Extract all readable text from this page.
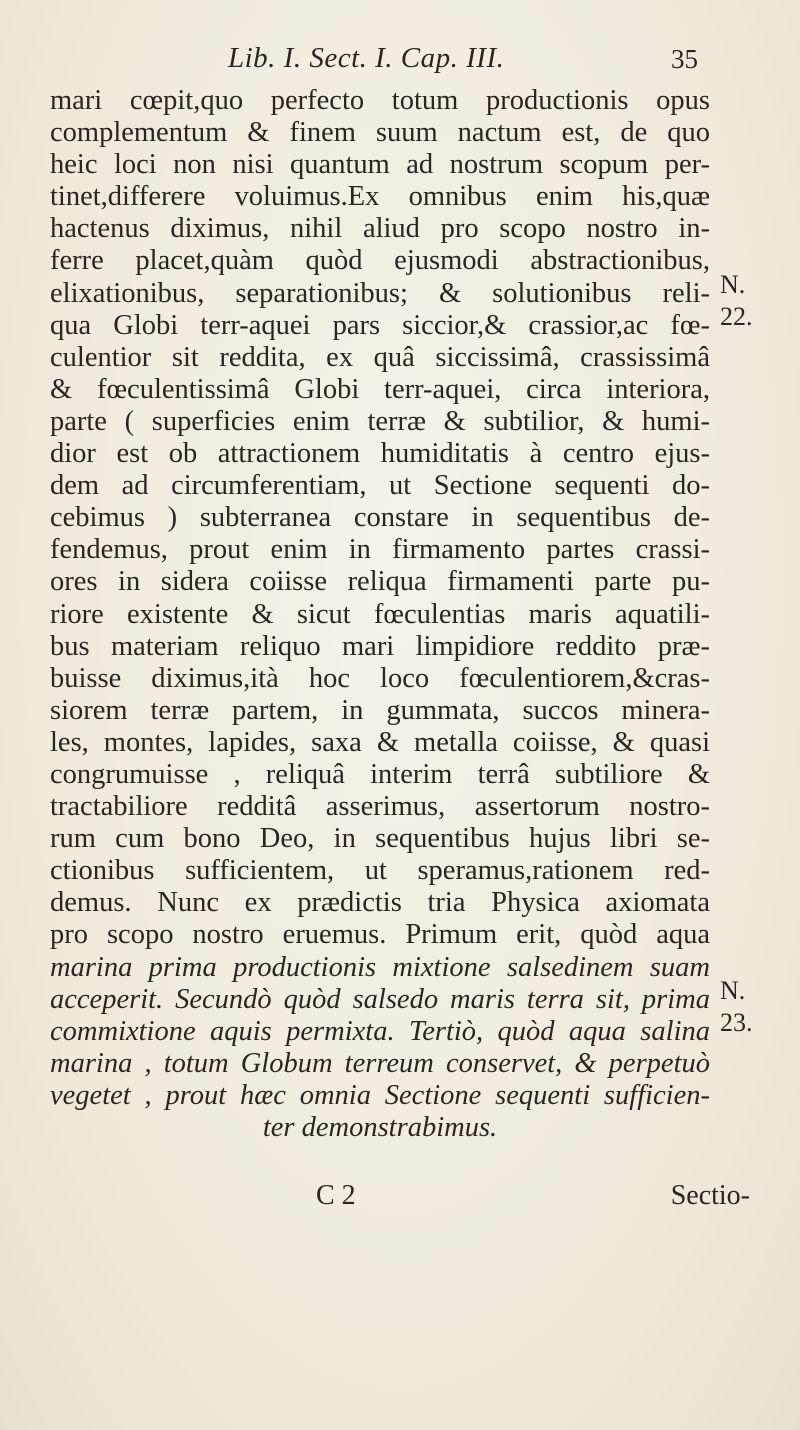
Lib. I. Sect. I. Cap. III.	35
mari cœpit,quo perfecto totum productionis opus
complementum & finem suum nactum est, de quo
heic loci non nisi quantum ad nostrum scopum per-
tinet,differere voluimus.Ex omnibus enim his,quæ
hactenus diximus, nihil aliud pro scopo nostro in-
ferre placet,quàm quòd ejusmodi abstractionibus,
elixationibus, separationibus; & solutionibus reli-
qua Globi terr-aquei pars siccior,& crassior,ac fœ-
culentior sit reddita, ex quâ siccissimâ, crassissimâ
& fœculentissimâ Globi terr-aquei, circa interiora,
parte ( superficies enim terræ & subtilior, & humi-
dior est ob attractionem humiditatis à centro ejus-
dem ad circumferentiam, ut Sectione sequenti do-
cebimus ) subterranea constare in sequentibus de-
fendemus, prout enim in firmamento partes crassi-
ores in sidera coiisse reliqua firmamenti parte pu-
riore existente & sicut fœculentias maris aquatili-
bus materiam reliquo mari limpidiore reddito præ-
buisse diximus,ità hoc loco fœculentiorem,&cras-
siorem terræ partem, in gummata, succos minera-
les, montes, lapides, saxa & metalla coiisse, & quasi
congrumuisse , reliquâ interim terrâ subtiliore &
tractabiliore redditâ asserimus, assertorum nostro-
rum cum bono Deo, in sequentibus hujus libri se-
ctionibus sufficientem, ut speramus,rationem red-
demus. Nunc ex prædictis tria Physica axiomata
pro scopo nostro eruemus. Primum erit, quòd aqua
marina prima productionis mixtione salsedinem suam
acceperit. Secundò quòd salsedo maris terra sit, prima
commixtione aquis permixta. Tertiò, quòd aqua salina
marina , totum Globum terreum conservet, & perpetuò
vegetet , prout hæc omnia Sectione sequenti sufficien-
ter demonstrabimus.
N.
22.
N.
23.
C 2	Sectio-
